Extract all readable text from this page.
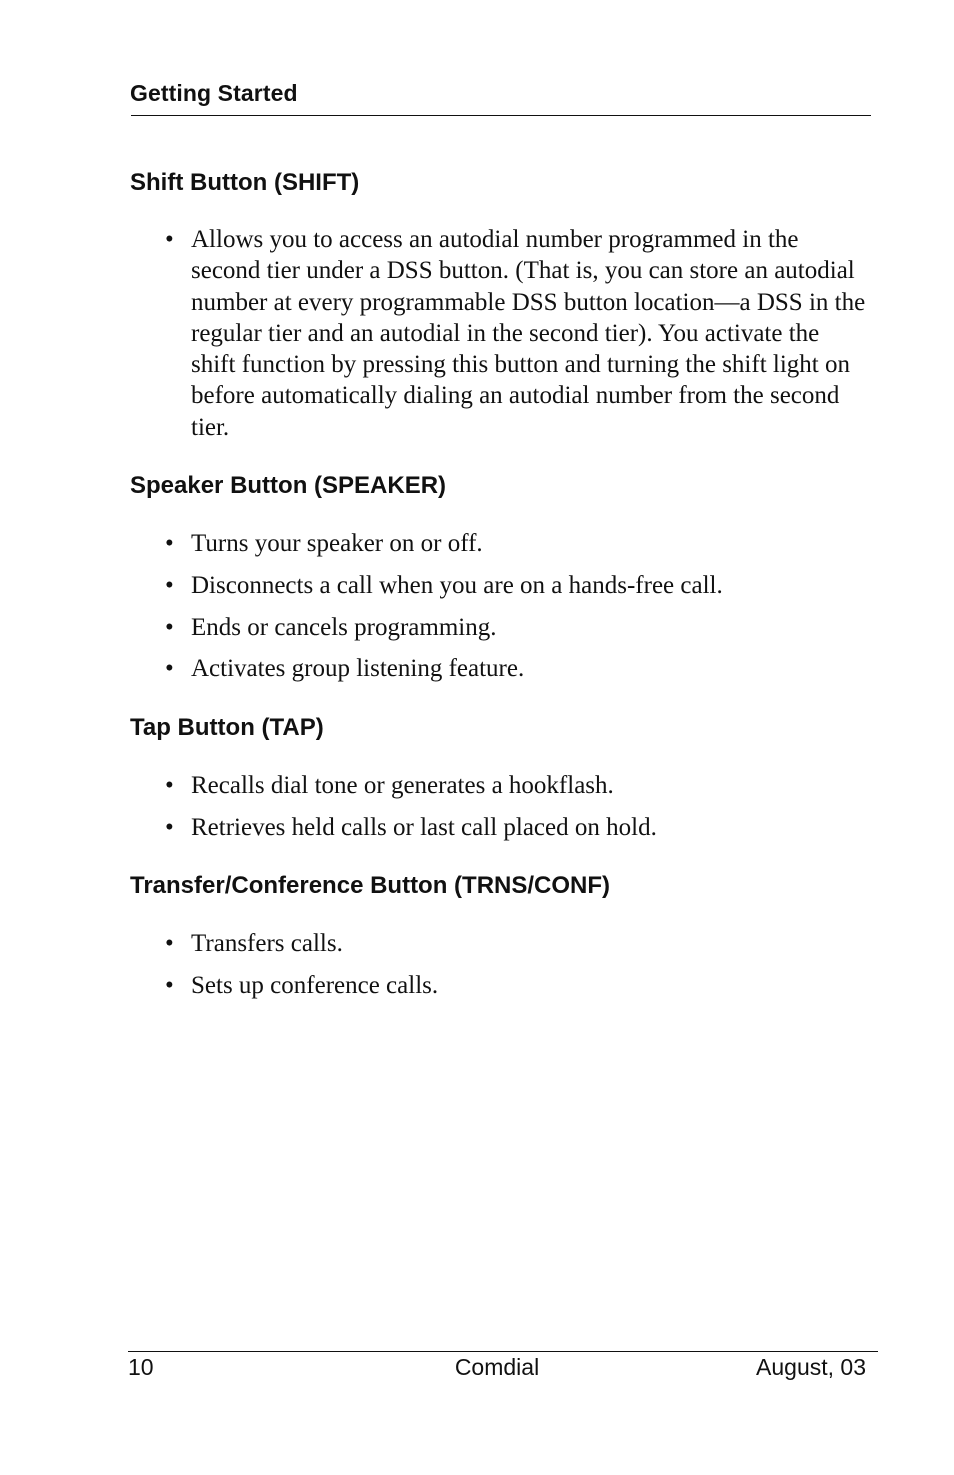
Getting Started
Shift Button (SHIFT)
• Allows you to access an autodial number programmed in the second tier under a DSS button. (That is, you can store an autodial number at every programmable DSS button location—a DSS in the regular tier and an autodial in the second tier). You activate the shift function by pressing this button and turning the shift light on before automatically dialing an autodial number from the second tier.
Speaker Button (SPEAKER)
• Turns your speaker on or off.
• Disconnects a call when you are on a hands-free call.
• Ends or cancels programming.
• Activates group listening feature.
Tap Button (TAP)
• Recalls dial tone or generates a hookflash.
• Retrieves held calls or last call placed on hold.
Transfer/Conference Button (TRNS/CONF)
• Transfers calls.
• Sets up conference calls.
10	Comdial	August, 03
